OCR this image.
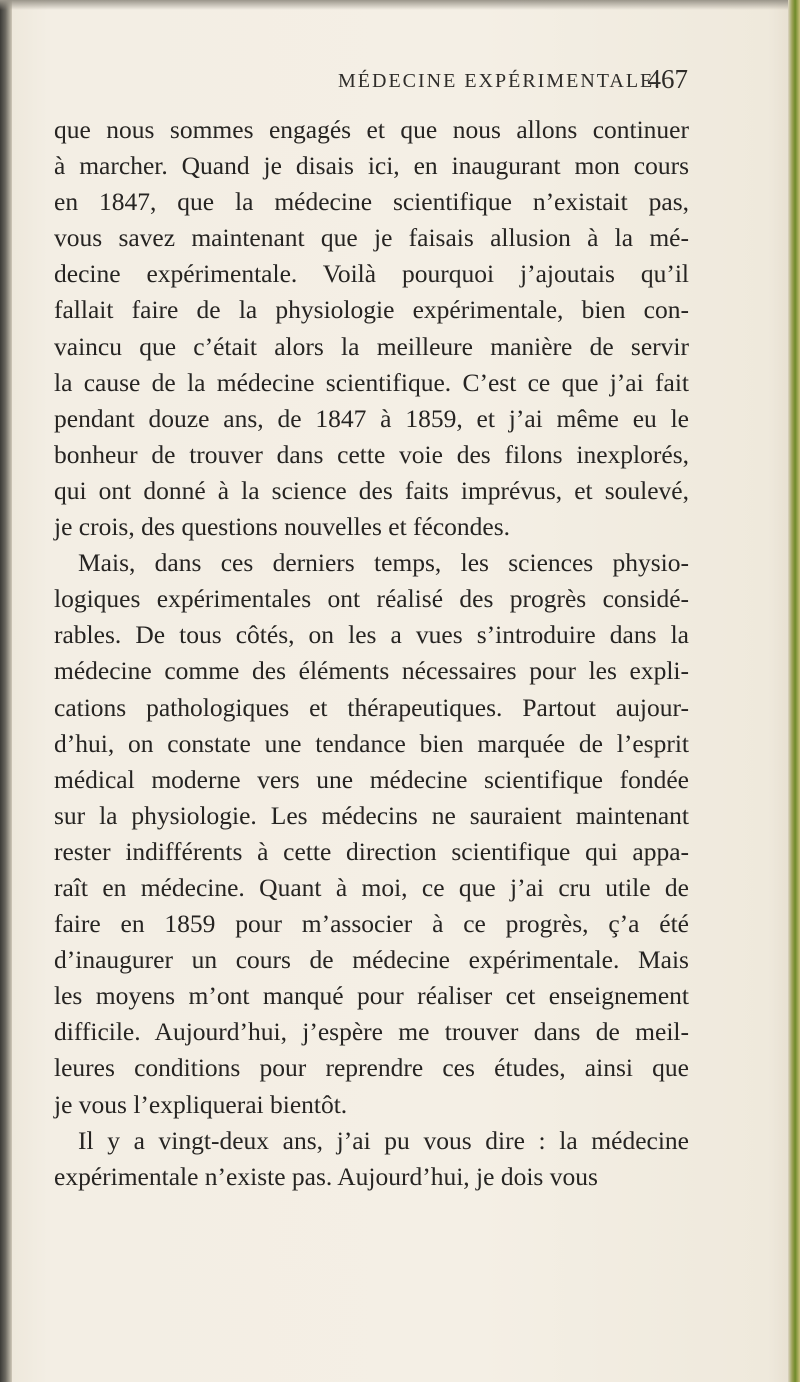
MÉDECINE EXPÉRIMENTALE.
467
que nous sommes engagés et que nous allons continuer
à marcher. Quand je disais ici, en inaugurant mon cours
en 1847, que la médecine scientifique n’existait pas,
vous savez maintenant que je faisais allusion à la mé-
decine expérimentale. Voilà pourquoi j’ajoutais qu’il
fallait faire de la physiologie expérimentale, bien con-
vaincu que c’était alors la meilleure manière de servir
la cause de la médecine scientifique. C’est ce que j’ai fait
pendant douze ans, de 1847 à 1859, et j’ai même eu le
bonheur de trouver dans cette voie des filons inexplorés,
qui ont donné à la science des faits imprévus, et soulevé,
je crois, des questions nouvelles et fécondes.
Mais, dans ces derniers temps, les sciences physio-
logiques expérimentales ont réalisé des progrès considé-
rables. De tous côtés, on les a vues s’introduire dans la
médecine comme des éléments nécessaires pour les expli-
cations pathologiques et thérapeutiques. Partout aujour-
d’hui, on constate une tendance bien marquée de l’esprit
médical moderne vers une médecine scientifique fondée
sur la physiologie. Les médecins ne sauraient maintenant
rester indifférents à cette direction scientifique qui appa-
raît en médecine. Quant à moi, ce que j’ai cru utile de
faire en 1859 pour m’associer à ce progrès, ç’a été
d’inaugurer un cours de médecine expérimentale. Mais
les moyens m’ont manqué pour réaliser cet enseignement
difficile. Aujourd’hui, j’espère me trouver dans de meil-
leures conditions pour reprendre ces études, ainsi que
je vous l’expliquerai bientôt.
Il y a vingt-deux ans, j’ai pu vous dire : la médecine
expérimentale n’existe pas. Aujourd’hui, je dois vous
